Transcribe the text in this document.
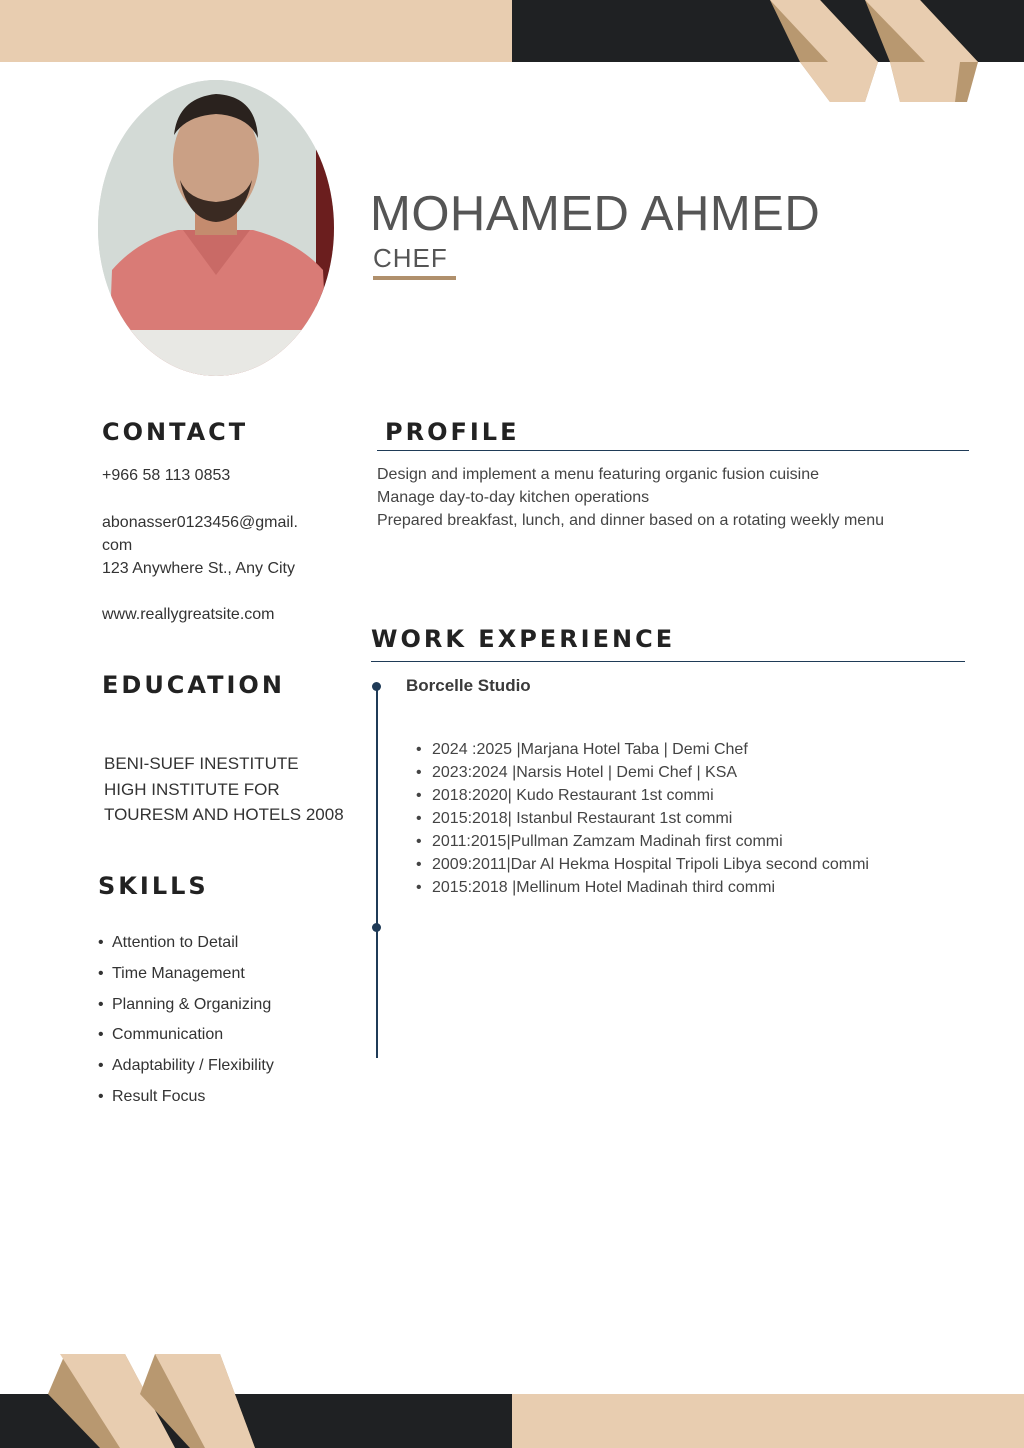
MOHAMED AHMED
CHEF
CONTACT
+966 58 113 0853
abonasser0123456@gmail.
com
123 Anywhere St., Any City
www.reallygreatsite.com
EDUCATION
BENI-SUEF INESTITUTE
HIGH INSTITUTE FOR
TOURESM AND HOTELS 2008
SKILLS
• Attention to Detail
• Time Management
• Planning & Organizing
• Communication
• Adaptability / Flexibility
• Result Focus
PROFILE
Design and implement a menu featuring organic fusion cuisine
Manage day-to-day kitchen operations
Prepared breakfast, lunch, and dinner based on a rotating weekly menu
WORK EXPERIENCE
Borcelle Studio
• 2024 :2025 |Marjana Hotel Taba | Demi Chef
• 2023:2024 |Narsis Hotel | Demi Chef | KSA
• 2018:2020| Kudo Restaurant 1st commi
• 2015:2018| Istanbul Restaurant 1st commi
• 2011:2015|Pullman Zamzam Madinah first commi
• 2009:2011|Dar Al Hekma Hospital Tripoli Libya second commi
• 2015:2018 |Mellinum Hotel Madinah third commi
